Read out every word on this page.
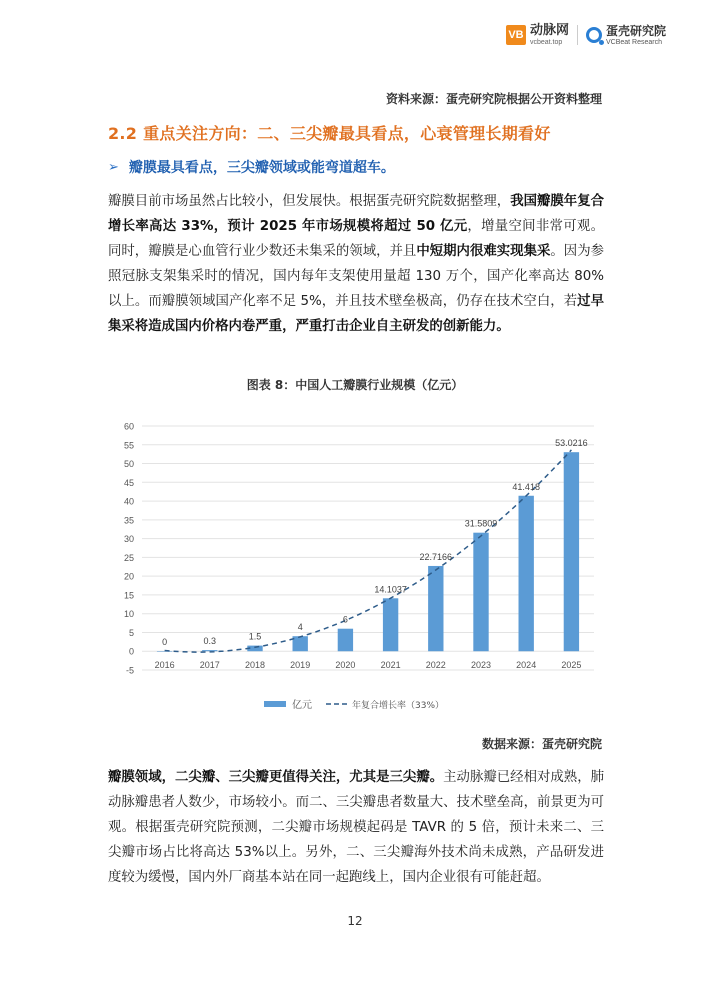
VB 动脉网
vcbeat.top
蛋壳研究院
VCBeat Research
资料来源：蛋壳研究院根据公开资料整理
2.2 重点关注方向：二、三尖瓣最具看点，心衰管理长期看好
➢ 瓣膜最具看点，三尖瓣领域或能弯道超车。
瓣膜目前市场虽然占比较小，但发展快。根据蛋壳研究院数据整理，我国瓣膜年复合增长率高达 33%，预计 2025 年市场规模将超过 50 亿元，增量空间非常可观。同时，瓣膜是心血管行业少数还未集采的领域，并且中短期内很难实现集采。因为参照冠脉支架集采时的情况，国内每年支架使用量超 130 万个，国产化率高达 80%以上。而瓣膜领域国产化率不足 5%，并且技术壁垒极高，仍存在技术空白，若过早集采将造成国内价格内卷严重，严重打击企业自主研发的创新能力。
图表 8：中国人工瓣膜行业规模（亿元）
-5
0
5
10
15
20
25
30
35
40
45
50
55
60
0	0.3	1.5
4
6
14.1037
22.7166
31.5809
41.418
53.0216
2016	2017	2018	2019	2020	2021	2022	2023	2024	2025
亿元	年复合增长率（33%）
数据来源：蛋壳研究院
瓣膜领域，二尖瓣、三尖瓣更值得关注，尤其是三尖瓣。主动脉瓣已经相对成熟，肺动脉瓣患者人数少，市场较小。而二、三尖瓣患者数量大、技术壁垒高，前景更为可观。根据蛋壳研究院预测，二尖瓣市场规模起码是 TAVR 的 5 倍，预计未来二、三尖瓣市场占比将高达 53%以上。另外，二、三尖瓣海外技术尚未成熟，产品研发进度较为缓慢，国内外厂商基本站在同一起跑线上，国内企业很有可能赶超。
12
